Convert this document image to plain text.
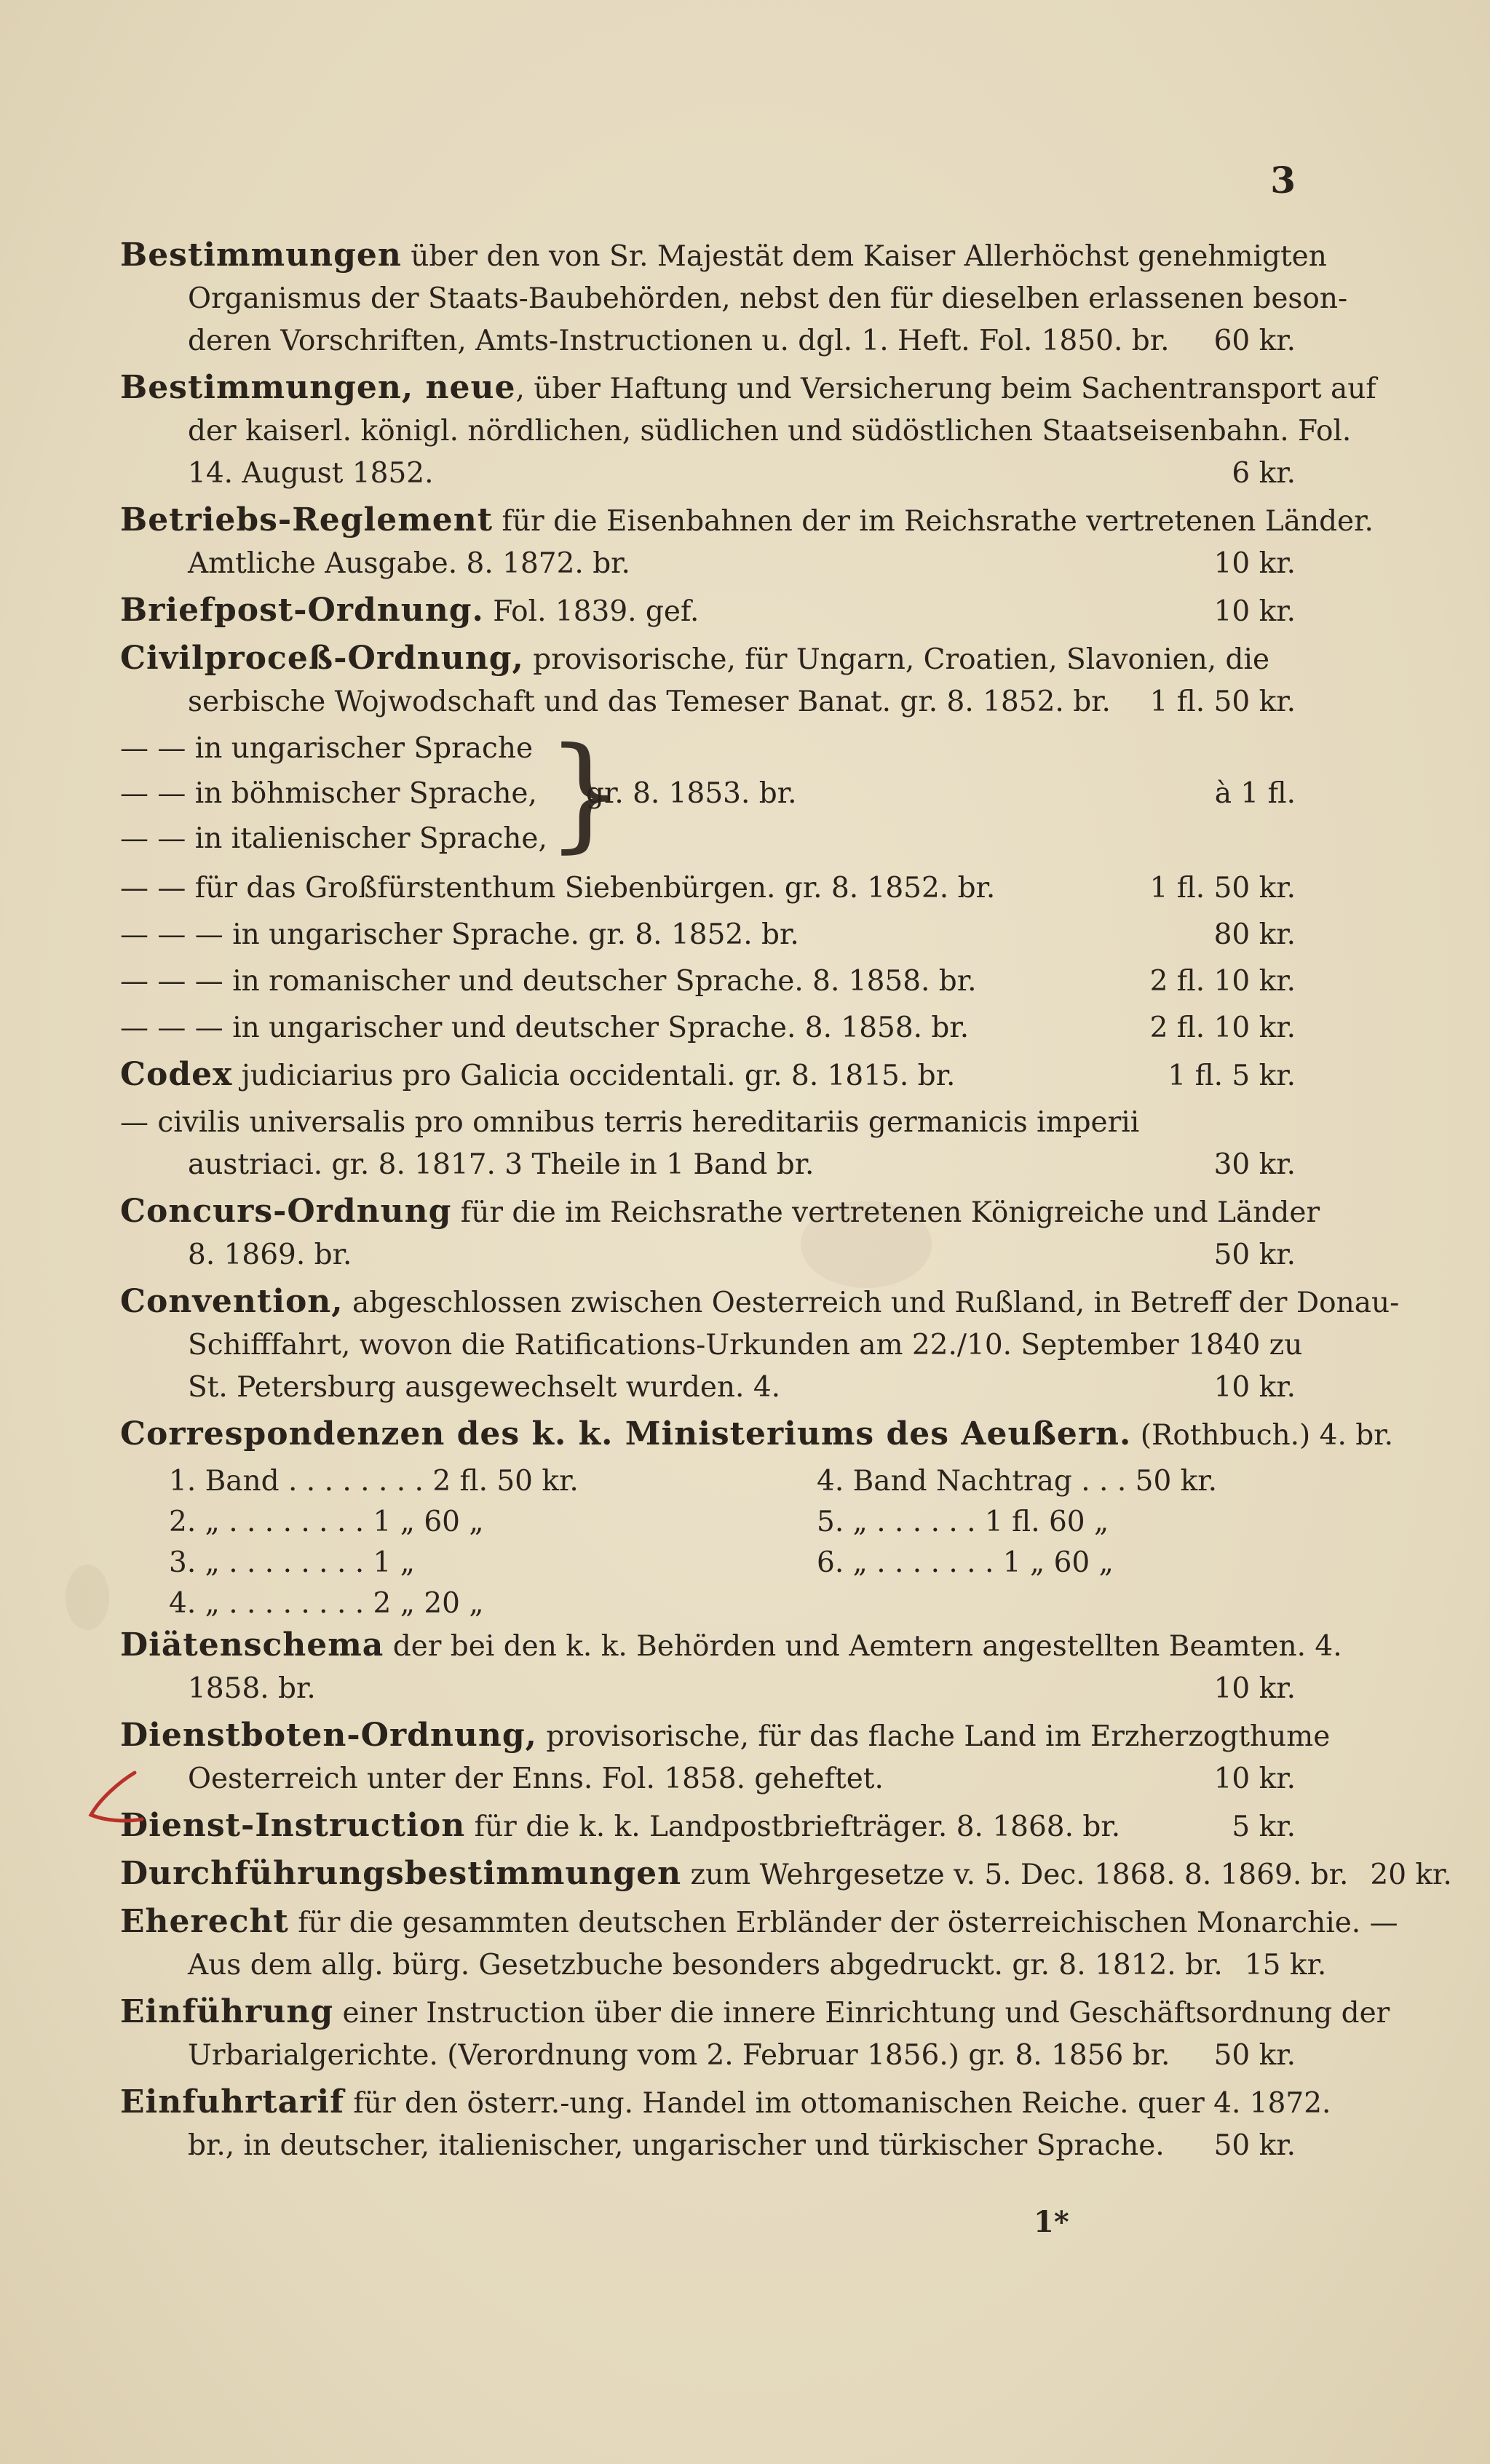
3
Bestimmungen über den von Sr. Majestät dem Kaiser Allerhöchst genehmigten
Organismus der Staats-Baubehörden, nebst den für dieselben erlassenen beson-
deren Vorschriften, Amts-Instructionen u. dgl. 1. Heft. Fol. 1850. br.	60 kr.
Bestimmungen, neue, über Haftung und Versicherung beim Sachentransport auf
der kaiserl. königl. nördlichen, südlichen und südöstlichen Staatseisenbahn. Fol.
14. August 1852.	6 kr.
Betriebs-Reglement für die Eisenbahnen der im Reichsrathe vertretenen Länder.
Amtliche Ausgabe. 8. 1872. br.	10 kr.
Briefpost-Ordnung. Fol. 1839. gef.	10 kr.
Civilproceß-Ordnung, provisorische, für Ungarn, Croatien, Slavonien, die
serbische Wojwodschaft und das Temeser Banat. gr. 8. 1852. br.	1 fl. 50 kr.
— — in ungarischer Sprache
— — in böhmischer Sprache,
— — in italienischer Sprache,
}
gr. 8. 1853. br.	à 1 fl.
— — für das Großfürstenthum Siebenbürgen. gr. 8. 1852. br.	1 fl. 50 kr.
— — — in ungarischer Sprache. gr. 8. 1852. br.	80 kr.
— — — in romanischer und deutscher Sprache. 8. 1858. br.	2 fl. 10 kr.
— — — in ungarischer und deutscher Sprache. 8. 1858. br.	2 fl. 10 kr.
Codex judiciarius pro Galicia occidentali. gr. 8. 1815. br.	1 fl. 5 kr.
— civilis universalis pro omnibus terris hereditariis germanicis imperii
austriaci. gr. 8. 1817. 3 Theile in 1 Band br.	30 kr.
Concurs-Ordnung für die im Reichsrathe vertretenen Königreiche und Länder
8. 1869. br.	50 kr.
Convention, abgeschlossen zwischen Oesterreich und Rußland, in Betreff der Donau-
Schifffahrt, wovon die Ratifications-Urkunden am 22./10. September 1840 zu
St. Petersburg ausgewechselt wurden. 4.	10 kr.
Correspondenzen des k. k. Ministeriums des Aeußern. (Rothbuch.) 4. br.
1. Band . . . . . . . . 2 fl. 50 kr.	4. Band Nachtrag . . . 50 kr.
2. „ . . . . . . . . 1 „ 60 „	5. „ . . . . . . 1 fl. 60 „
3. „ . . . . . . . . 1 „	6. „ . . . . . . . 1 „ 60 „
4. „ . . . . . . . . 2 „ 20 „
Diätenschema der bei den k. k. Behörden und Aemtern angestellten Beamten. 4.
1858. br.	10 kr.
Dienstboten-Ordnung, provisorische, für das flache Land im Erzherzogthume
Oesterreich unter der Enns. Fol. 1858. geheftet.	10 kr.
Dienst-Instruction für die k. k. Landpostbriefträger. 8. 1868. br.	5 kr.
Durchführungsbestimmungen zum Wehrgesetze v. 5. Dec. 1868. 8. 1869. br. 20 kr.
Eherecht für die gesammten deutschen Erbländer der österreichischen Monarchie. —
Aus dem allg. bürg. Gesetzbuche besonders abgedruckt. gr. 8. 1812. br. 15 kr.
Einführung einer Instruction über die innere Einrichtung und Geschäftsordnung der
Urbarialgerichte. (Verordnung vom 2. Februar 1856.) gr. 8. 1856 br.	50 kr.
Einfuhrtarif für den österr.-ung. Handel im ottomanischen Reiche. quer 4. 1872.
br., in deutscher, italienischer, ungarischer und türkischer Sprache.	50 kr.
1*
